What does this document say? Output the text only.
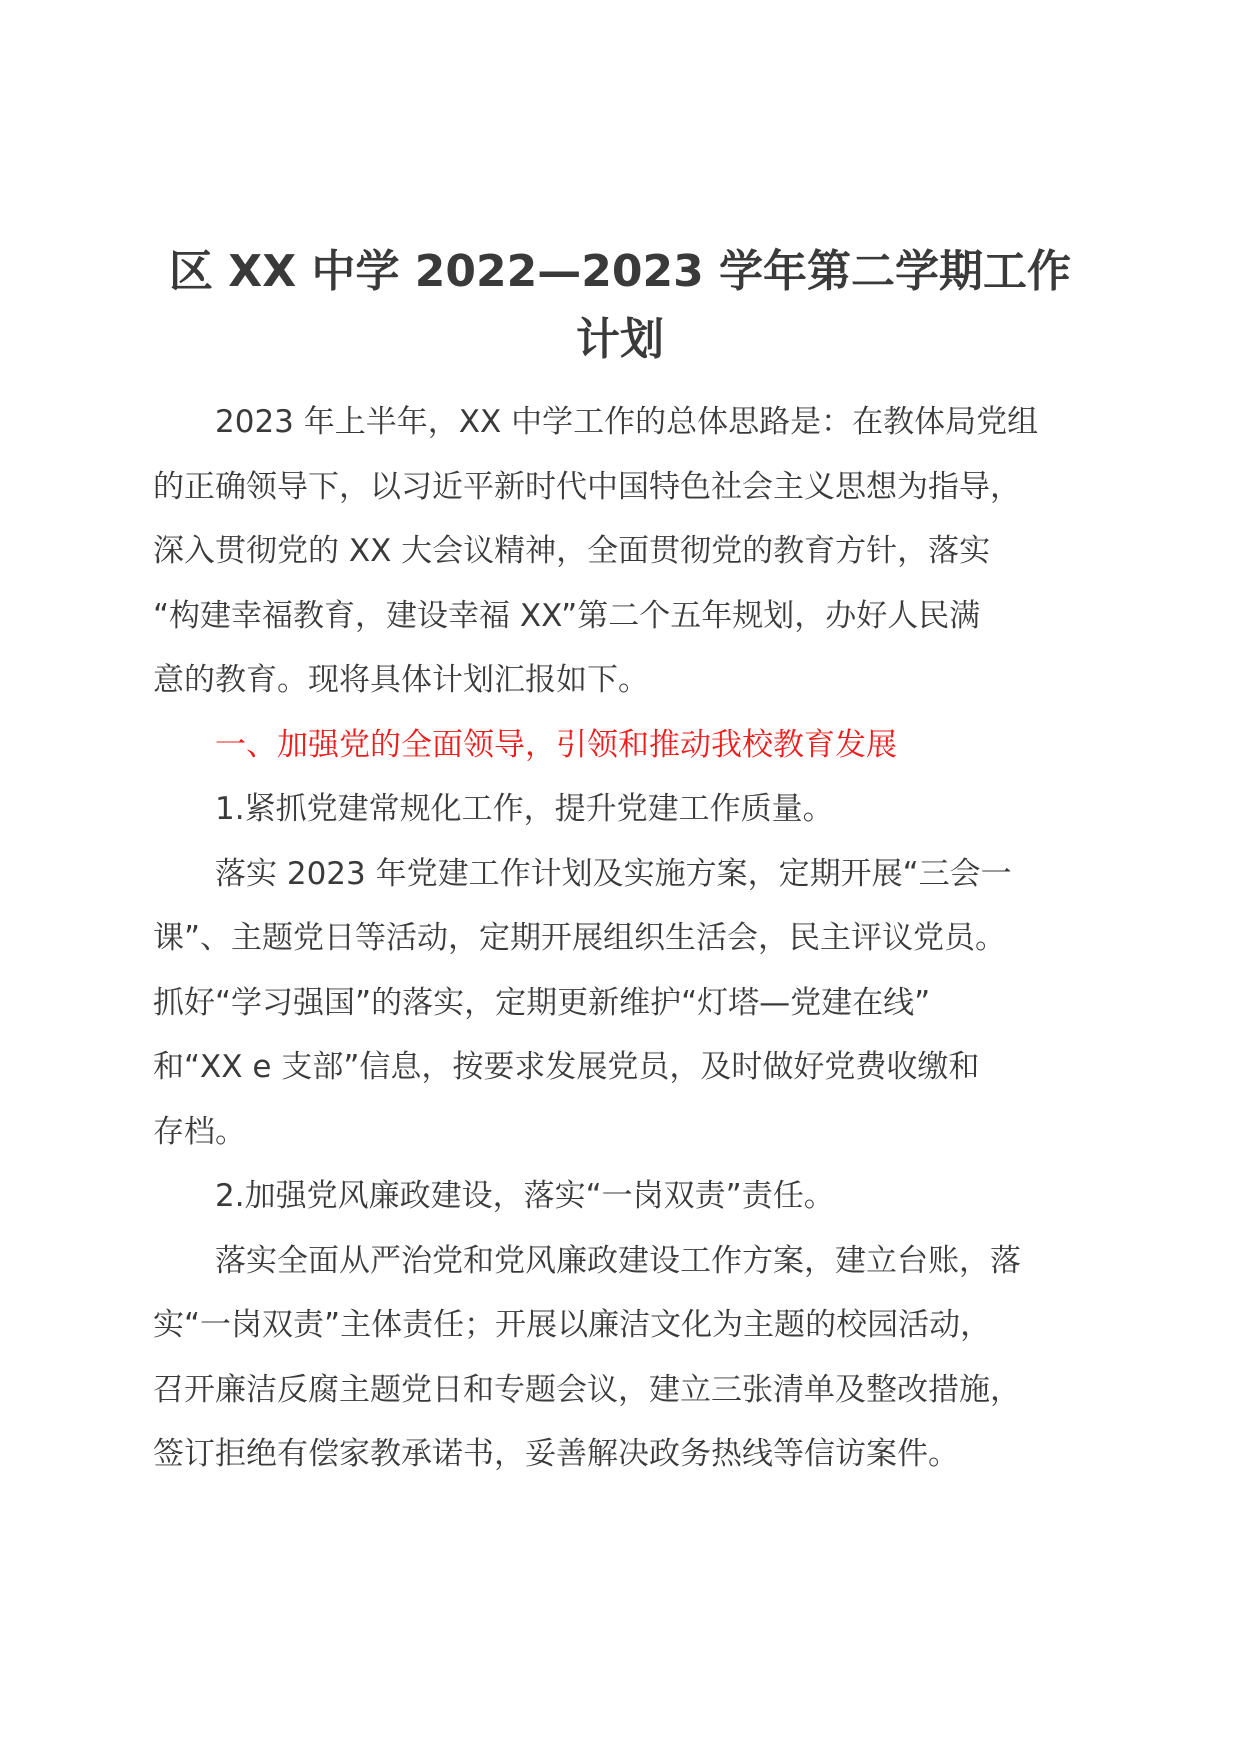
区 XX 中学 2022—2023 学年第二学期工作
计划

2023 年上半年，XX 中学工作的总体思路是：在教体局党组
的正确领导下，以习近平新时代中国特色社会主义思想为指导，
深入贯彻党的 XX 大会议精神，全面贯彻党的教育方针，落实
“构建幸福教育，建设幸福 XX”第二个五年规划，办好人民满
意的教育。现将具体计划汇报如下。

一、加强党的全面领导，引领和推动我校教育发展

1.紧抓党建常规化工作，提升党建工作质量。

落实 2023 年党建工作计划及实施方案，定期开展“三会一
课”、主题党日等活动，定期开展组织生活会，民主评议党员。
抓好“学习强国”的落实，定期更新维护“灯塔—党建在线”
和“XX e 支部”信息，按要求发展党员，及时做好党费收缴和
存档。

2.加强党风廉政建设，落实“一岗双责”责任。

落实全面从严治党和党风廉政建设工作方案，建立台账，落
实“一岗双责”主体责任；开展以廉洁文化为主题的校园活动，
召开廉洁反腐主题党日和专题会议，建立三张清单及整改措施，
签订拒绝有偿家教承诺书，妥善解决政务热线等信访案件。
